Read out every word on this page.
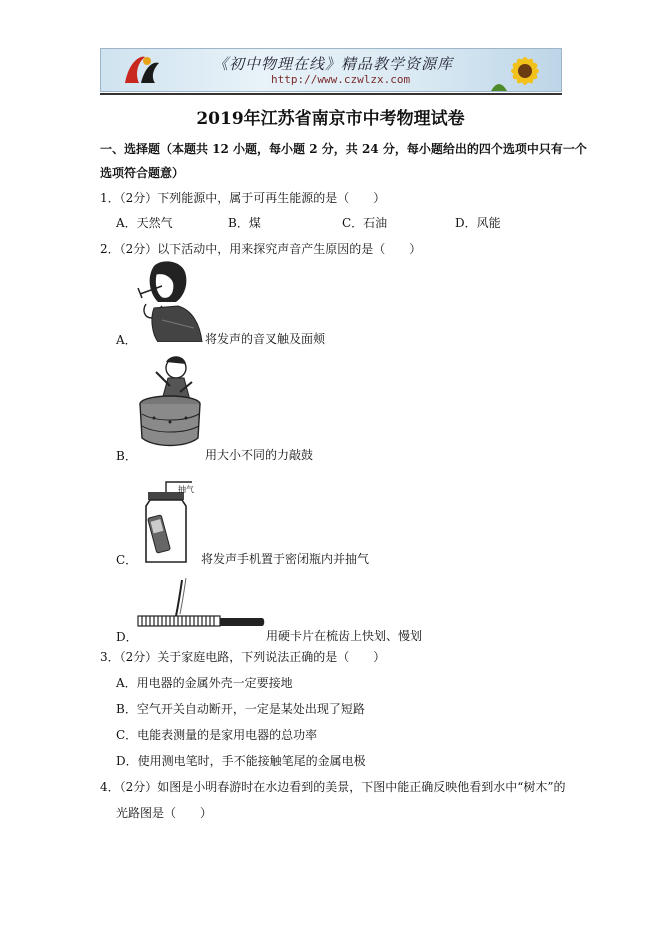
《初中物理在线》精品教学资源库
http://www.czwlzx.com
2019年江苏省南京市中考物理试卷
一、选择题（本题共 12 小题，每小题 2 分，共 24 分，每小题给出的四个选项中只有一个
选项符合题意）
1．（2分）下列能源中，属于可再生能源的是（　　）
A．天然气	B．煤	C．石油	D．风能
2．（2分）以下活动中，用来探究声音产生原因的是（　　）
A．	将发声的音叉触及面颊
B．	用大小不同的力敲鼓
抽气
C．	将发声手机置于密闭瓶内并抽气
D．	用硬卡片在梳齿上快划、慢划
3．（2分）关于家庭电路，下列说法正确的是（　　）
A．用电器的金属外壳一定要接地
B．空气开关自动断开，一定是某处出现了短路
C．电能表测量的是家用电器的总功率
D．使用测电笔时，手不能接触笔尾的金属电极
4．（2分）如图是小明春游时在水边看到的美景，下图中能正确反映他看到水中“树木”的
光路图是（　　）
